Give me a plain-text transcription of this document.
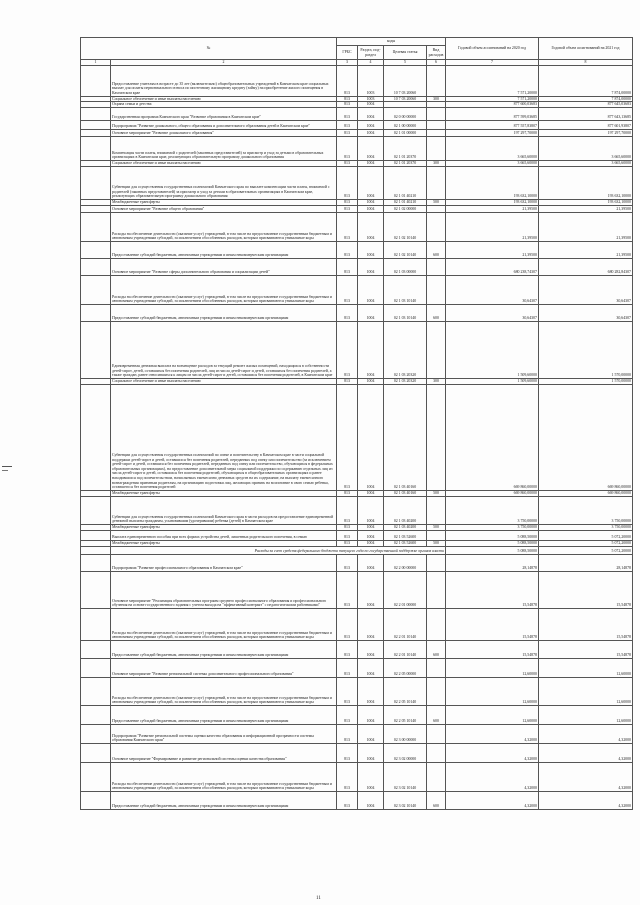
№		коды				Годовой объем ассигнований на 2020 год	Годовой объем ассигнований на 2021 год
		ГРБС	Раздел, под-раздел	Целевая статья	Вид расходов		
1	2	3	4	5	6	7	8
	Предоставление учителям в возрасте до 35 лет (включительно) общеобразовательных учреждений в Камчатском крае социальных выплат для оплаты первоначального взноса по ипотечному жилищному кредиту (займу) на приобретение жилого помещения в Камчатском крае	813	1003	10 7 03 20060		7 571,20000	7 874,00000
	Социальное обеспечение и иные выплаты населению	813	1003	10 7 03 20060	300	7 571,20000	7 874,00000
	Охрана семьи и детства	813	1004			877 600,03683	877 645,03683
	Государственная программа Камчатского края "Развитие образования в Камчатском крае"	813	1004	02 0 00 00000		877 599,03685	877 643,13685
	Подпрограмма "Развитие дошкольного, общего образования и дополнительного образования детей в Камчатском крае"	813	1004	02 1 00 00000		877 557,83807	877 601,93807
	Основное мероприятие "Развитие дошкольного образования"	813	1004	02 1 01 00000		197 297,70000	197 297,70000
	Компенсация части платы, взимаемой с родителей (законных представителей) за присмотр и уход за детьми в образовательных организациях в Камчатском крае, реализующих образовательную программу дошкольного образования	813	1004	02 1 01 20370		3 665,60000	3 665,60000
	Социальное обеспечение и иные выплаты населению	813	1004	02 1 01 20370	300	3 665,60000	3 665,60000
	Субвенции для осуществления государственных полномочий Камчатского края по выплате компенсации части платы, взимаемой с родителей (законных представителей) за присмотр и уход за детьми в образовательных организациях в Камчатском крае, реализующих образовательную программу дошкольного образования	813	1004	02 1 01 40210		193 632,10000	193 632,10000
	Межбюджетные трансферты	813	1004	02 1 01 40210	500	193 632,10000	193 632,10000
	Основное мероприятие "Развитие общего образования"	813	1004	02 1 02 00000		21,39500	21,39500
	Расходы на обеспечение деятельности (оказание услуг) учреждений, в том числе на предоставление государственным бюджетным и автономным учреждениям субсидий, за исключением обособленных расходов, которым присваиваются уникальные коды	813	1004	02 1 02 10140		21,39500	21,39500
	Предоставление субсидий бюджетным, автономным учреждениям и иным некоммерческим организациям	813	1004	02 1 02 10140	600	21,39500	21,39500
	Основное мероприятие "Развитие сферы дополнительного образования и социализации детей"	813	1004	02 1 03 00000		680 238,74307	680 282,84307
	Расходы на обеспечение деятельности (оказание услуг) учреждений, в том числе на предоставление государственным бюджетным и автономным учреждениям субсидий, за исключением обособленных расходов, которым присваиваются уникальные коды	813	1004	02 1 03 10140		30,64307	30,64307
	Предоставление субсидий бюджетным, автономным учреждениям и иным некоммерческим организациям	813	1004	02 1 03 10140	600	30,64307	30,64307
	Единовременная денежная выплата на возмещение расходов за текущий ремонт жилых помещений, находящихся в собственности детей-сирот, детей, оставшихся без попечения родителей, лиц из числа детей-сирот и детей, оставшихся без попечения родителей, а также граждан, ранее относившихся к лицам из числа детей-сирот и детей, оставшихся без попечения родителей, в Камчатском крае	813	1004	02 1 03 20320		1 509,60000	1 570,00000
	Социальное обеспечение и иные выплаты населению	813	1004	02 1 03 20320	300	1 509,60000	1 570,00000
	Субвенции для осуществления государственных полномочий по опеке и попечительству в Камчатском крае в части социальной поддержки детей-сирот и детей, оставшихся без попечения родителей, переданных под опеку или попечительство (за исключением детей-сирот и детей, оставшихся без попечения родителей, переданных под опеку или попечительство, обучающихся в федеральных образовательных организациях), на предоставление дополнительной меры социальной поддержки по содержанию отдельных лиц из числа детей-сирот и детей, оставшихся без попечения родителей, обучающихся в общеобразовательных организациях и ранее находившихся под попечительством, начисляемых ежемесячно денежных средств на их содержание, на выплату ежемесячного вознаграждения приемным родителям, на организацию подготовки лиц, желающих принять на воспитание в свою семью ребенка, оставшегося без попечения родителей	813	1004	02 1 03 40160		669 860,00000	669 860,00000
	Межбюджетные трансферты	813	1004	02 1 03 40160	500	669 860,00000	669 860,00000
	Субвенции для осуществления государственных полномочий Камчатского края в части расходов на предоставление единовременной денежной выплаты гражданам, усыновившим (удочерившим) ребенка (детей) в Камчатском крае	813	1004	02 1 03 40200		3 750,00000	3 750,00000
	Межбюджетные трансферты	813	1004	02 1 03 40200	500	3 750,00000	3 750,00000
	Выплата единовременного пособия при всех формах устройства детей, лишенных родительского попечения, в семью	813	1004	02 1 03 52600		5 088,50000	5 072,20000
	Межбюджетные трансферты	813	1004	02 1 03 52600	500	5 088,50000	5 072,20000
	Расходы за счет средств федерального бюджета текущего года по государственной поддержке органов власти					5 088,50000	5 072,20000
	Подпрограмма "Развитие профессионального образования в Камчатском крае"	813	1004	02 2 00 00000		28,14878	28,14878
	Основное мероприятие "Реализация образовательных программ среднего профессионального образования и профессионального обучения на основе государственного задания с учетом выхода на "эффективный контракт" с педагогическими работниками"	813	1004	02 2 01 00000		15,54878	15,54878
	Расходы на обеспечение деятельности (оказание услуг) учреждений, в том числе на предоставление государственным бюджетным и автономным учреждениям субсидий, за исключением обособленных расходов, которым присваиваются уникальные коды	813	1004	02 2 01 10140		15,54878	15,54878
	Предоставление субсидий бюджетным, автономным учреждениям и иным некоммерческим организациям	813	1004	02 2 01 10140	600	15,54878	15,54878
	Основное мероприятие "Развитие региональной системы дополнительного профессионального образования"	813	1004	02 2 05 00000		12,60000	12,60000
	Расходы на обеспечение деятельности (оказание услуг) учреждений, в том числе на предоставление государственным бюджетным и автономным учреждениям субсидий, за исключением обособленных расходов, которым присваиваются уникальные коды	813	1004	02 2 05 10140		12,60000	12,60000
	Предоставление субсидий бюджетным, автономным учреждениям и иным некоммерческим организациям	813	1004	02 2 05 10140	600	12,60000	12,60000
	Подпрограмма "Развитие региональной системы оценки качества образования и информационной прозрачности системы образования Камчатского края"	813	1004	02 3 00 00000		4,32000	4,32000
	Основное мероприятие "Формирование и развитие региональной системы оценки качества образования"	813	1004	02 3 02 00000		4,32000	4,32000
	Расходы на обеспечение деятельности (оказание услуг) учреждений, в том числе на предоставление государственным бюджетным и автономным учреждениям субсидий, за исключением обособленных расходов, которым присваиваются уникальные коды	813	1004	02 3 02 10140		4,32000	4,32000
	Предоставление субсидий бюджетным, автономным учреждениям и иным некоммерческим организациям	813	1004	02 3 02 10140	600	4,32000	4,32000
11
